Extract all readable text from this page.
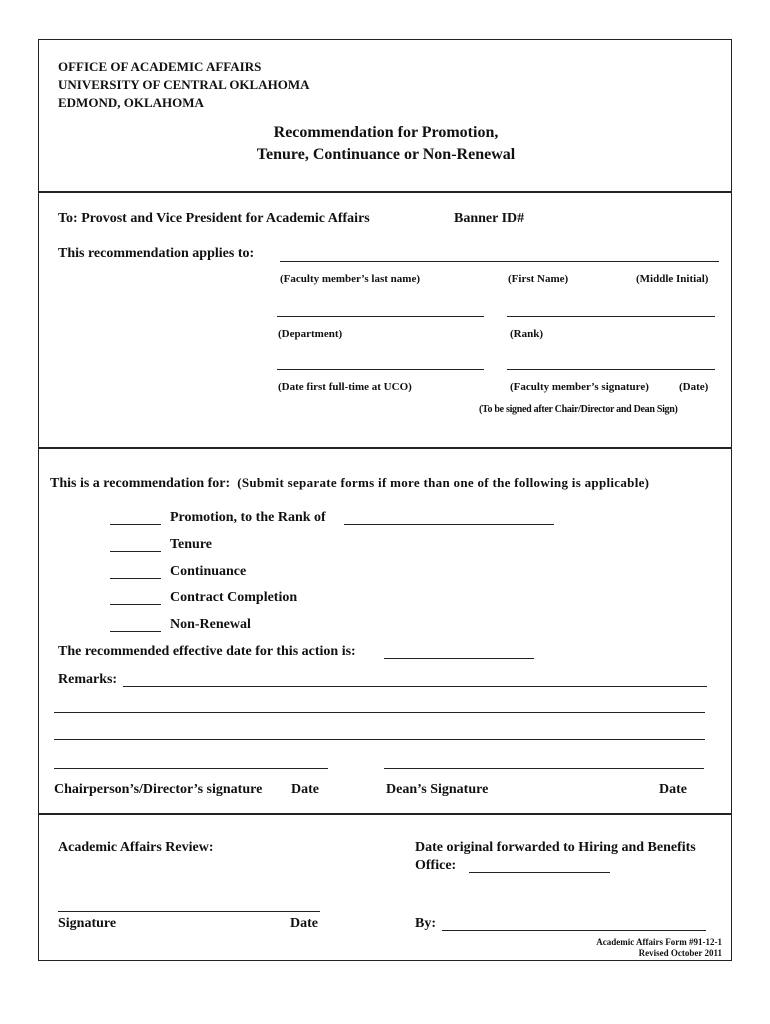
OFFICE OF ACADEMIC AFFAIRS
UNIVERSITY OF CENTRAL OKLAHOMA
EDMOND, OKLAHOMA
Recommendation for Promotion,
Tenure, Continuance or Non-Renewal
To: Provost and Vice President for Academic Affairs	Banner ID#
This recommendation applies to:
(Faculty member’s last name)	(First Name)	(Middle Initial)
(Department)	(Rank)
(Date first full-time at UCO)	(Faculty member’s signature)	(Date)
(To be signed after Chair/Director and Dean Sign)
This is a recommendation for: (Submit separate forms if more than one of the following is applicable)
Promotion, to the Rank of
Tenure
Continuance
Contract Completion
Non-Renewal
The recommended effective date for this action is:
Remarks:
Chairperson’s/Director’s signature Date	Dean’s Signature	Date
Academic Affairs Review:	Date original forwarded to Hiring and Benefits
Office:
Signature	Date	By:
Academic Affairs Form #91-12-1
Revised October 2011
